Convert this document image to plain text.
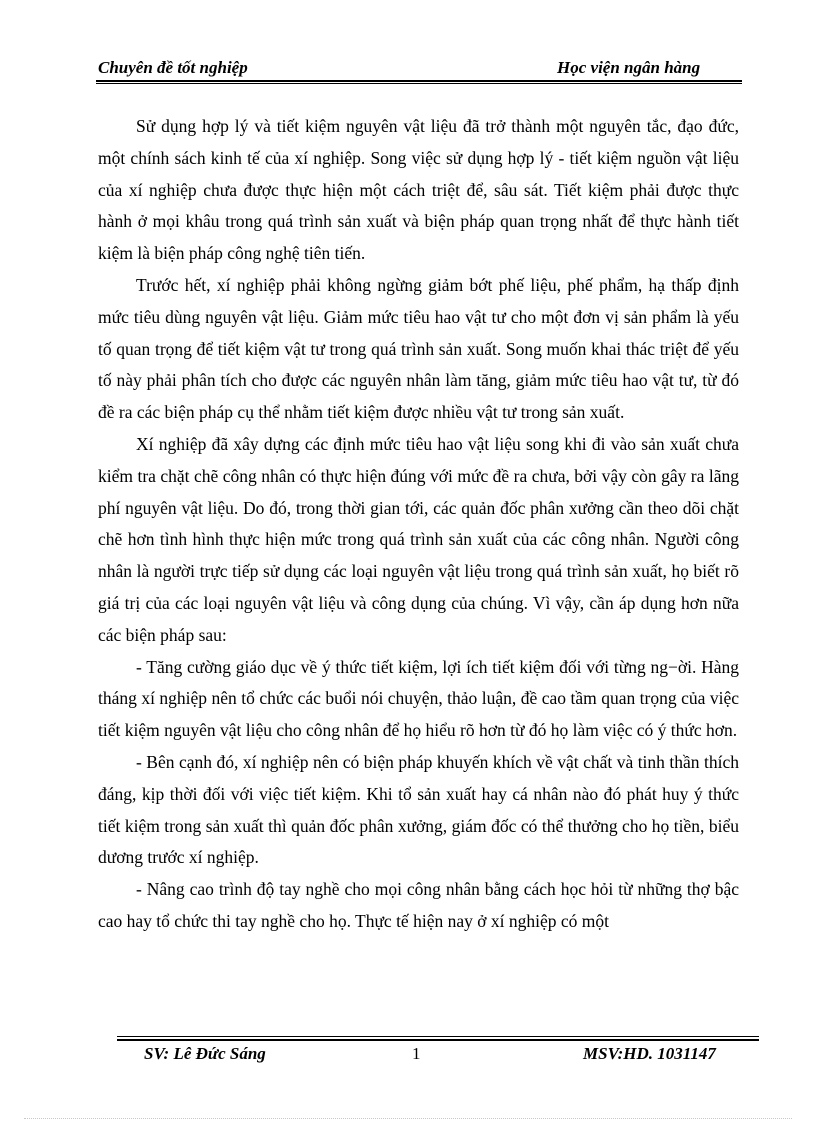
Chuyên đề tốt nghiệp	Học viện ngân hàng

Sử dụng hợp lý và tiết kiệm nguyên vật liệu đã trở thành một nguyên tắc, đạo đức, một chính sách kinh tế của xí nghiệp. Song việc sử dụng hợp lý - tiết kiệm nguồn vật liệu của xí nghiệp chưa được thực hiện một cách triệt để, sâu sát. Tiết kiệm phải được thực hành ở mọi khâu trong quá trình sản xuất và biện pháp quan trọng nhất để thực hành tiết kiệm là biện pháp công nghệ tiên tiến.

Trước hết, xí nghiệp phải không ngừng giảm bớt phế liệu, phế phẩm, hạ thấp định mức tiêu dùng nguyên vật liệu. Giảm mức tiêu hao vật tư cho một đơn vị sản phẩm là yếu tố quan trọng để tiết kiệm vật tư trong quá trình sản xuất. Song muốn khai thác triệt để yếu tố này phải phân tích cho được các nguyên nhân làm tăng, giảm mức tiêu hao vật tư, từ đó đề ra các biện pháp cụ thể nhằm tiết kiệm được nhiều vật tư trong sản xuất.

Xí nghiệp đã xây dựng các định mức tiêu hao vật liệu song khi đi vào sản xuất chưa kiểm tra chặt chẽ công nhân có thực hiện đúng với mức đề ra chưa, bởi vậy còn gây ra lãng phí nguyên vật liệu. Do đó, trong thời gian tới, các quản đốc phân xưởng cần theo dõi chặt chẽ hơn tình hình thực hiện mức trong quá trình sản xuất của các công nhân. Người công nhân là người trực tiếp sử dụng các loại nguyên vật liệu trong quá trình sản xuất, họ biết rõ giá trị của các loại nguyên vật liệu và công dụng của chúng. Vì vậy, cần áp dụng hơn nữa các biện pháp sau:

- Tăng cường giáo dục về ý thức tiết kiệm, lợi ích tiết kiệm đối với từng ng−ời. Hàng tháng xí nghiệp nên tổ chức các buổi nói chuyện, thảo luận, đề cao tầm quan trọng của việc tiết kiệm nguyên vật liệu cho công nhân để họ hiểu rõ hơn từ đó họ làm việc có ý thức hơn.

- Bên cạnh đó, xí nghiệp nên có biện pháp khuyến khích về vật chất và tinh thần thích đáng, kịp thời đối với việc tiết kiệm. Khi tổ sản xuất hay cá nhân nào đó phát huy ý thức tiết kiệm trong sản xuất thì quản đốc phân xưởng, giám đốc có thể thưởng cho họ tiền, biểu dương trước xí nghiệp.

- Nâng cao trình độ tay nghề cho mọi công nhân bằng cách học hỏi từ những thợ bậc cao hay tổ chức thi tay nghề cho họ. Thực tế hiện nay ở xí nghiệp có một

SV: Lê Đức Sáng	1	MSV:HD. 1031147
